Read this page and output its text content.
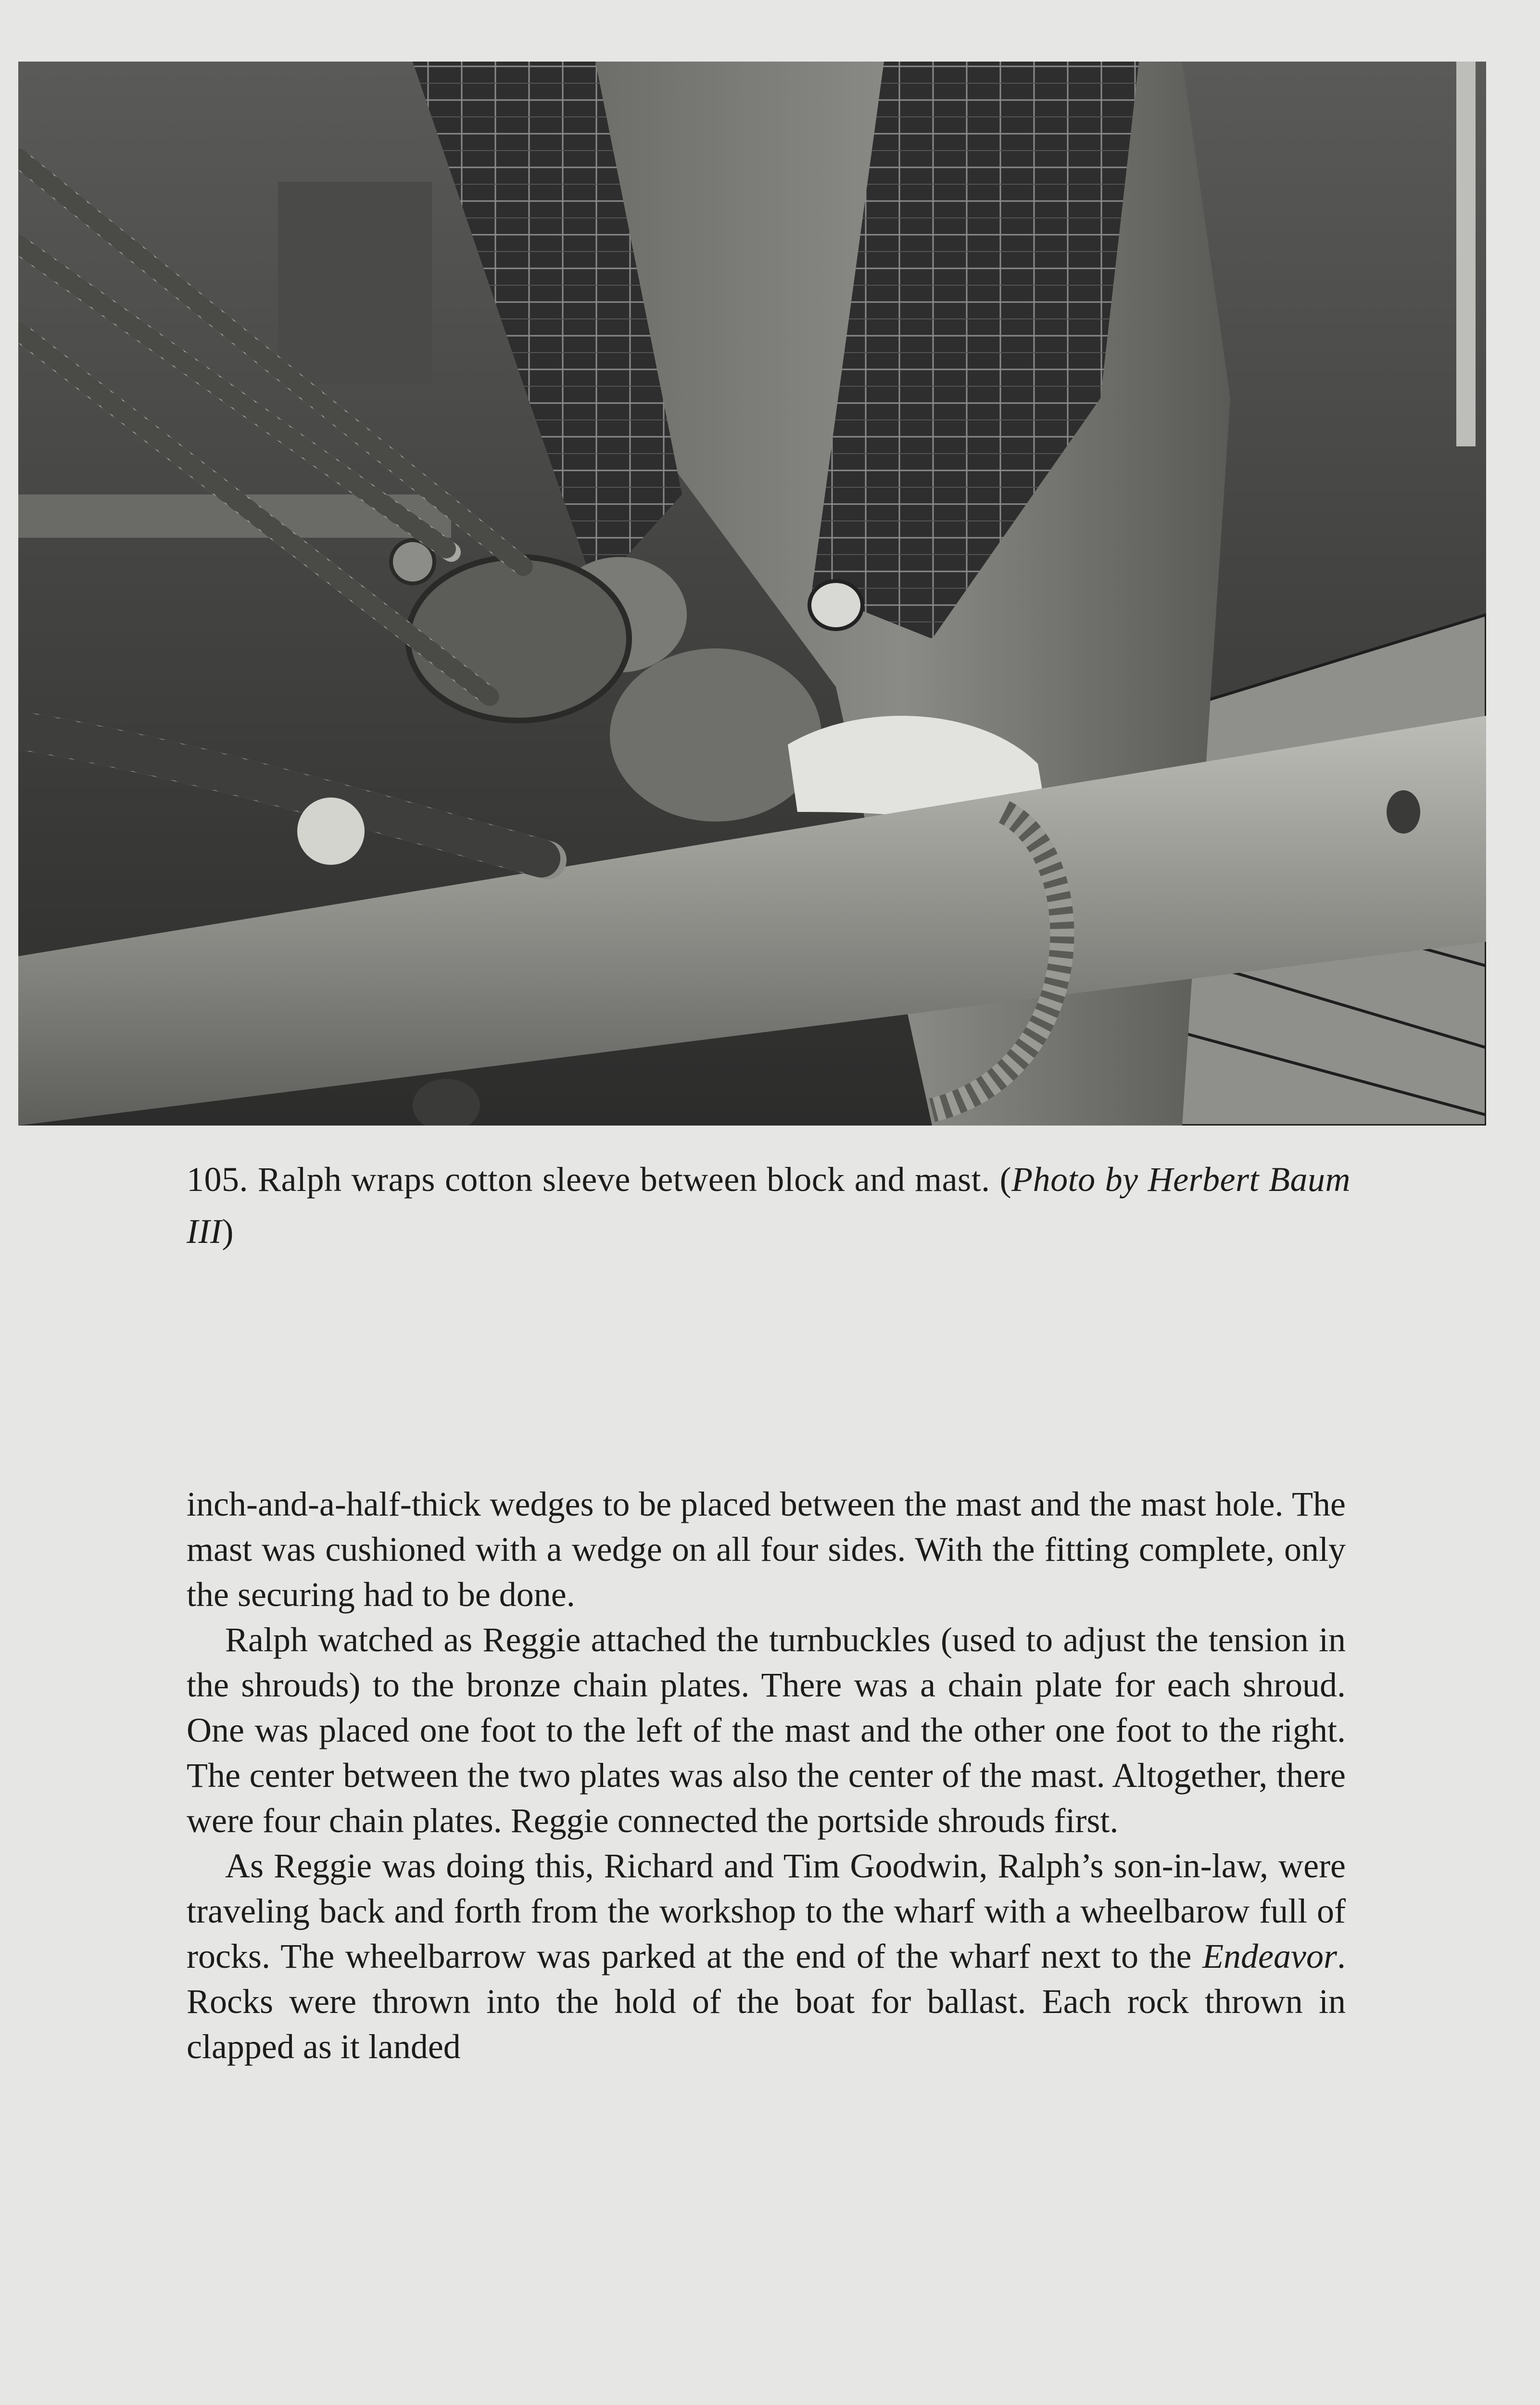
105. Ralph wraps cotton sleeve between block and mast. (Photo by Herbert Baum III)

inch-and-a-half-thick wedges to be placed between the mast and the mast hole. The mast was cushioned with a wedge on all four sides. With the fitting complete, only the securing had to be done.

Ralph watched as Reggie attached the turnbuckles (used to adjust the tension in the shrouds) to the bronze chain plates. There was a chain plate for each shroud. One was placed one foot to the left of the mast and the other one foot to the right. The center between the two plates was also the center of the mast. Altogether, there were four chain plates. Reggie connected the portside shrouds first.

As Reggie was doing this, Richard and Tim Goodwin, Ralph’s son-in-law, were traveling back and forth from the workshop to the wharf with a wheelbarow full of rocks. The wheelbarrow was parked at the end of the wharf next to the Endeavor. Rocks were thrown into the hold of the boat for ballast. Each rock thrown in clapped as it landed
